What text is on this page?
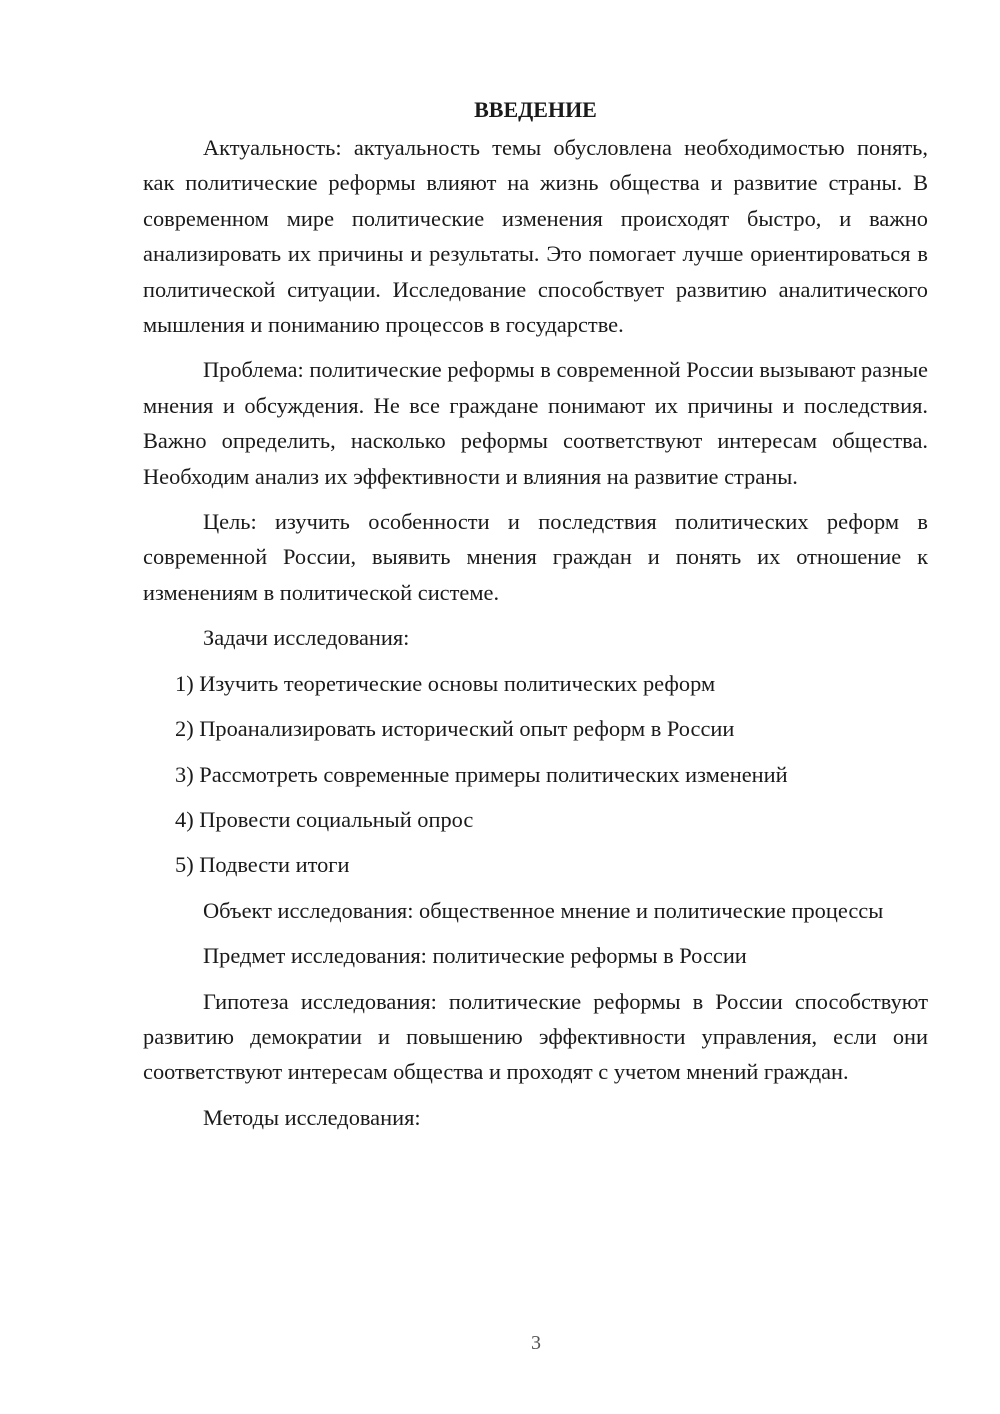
ВВЕДЕНИЕ

Актуальность: актуальность темы обусловлена необходимостью понять, как политические реформы влияют на жизнь общества и развитие страны. В современном мире политические изменения происходят быстро, и важно анализировать их причины и результаты. Это помогает лучше ориентироваться в политической ситуации. Исследование способствует развитию аналитического мышления и пониманию процессов в государстве.

Проблема: политические реформы в современной России вызывают разные мнения и обсуждения. Не все граждане понимают их причины и последствия. Важно определить, насколько реформы соответствуют интересам общества. Необходим анализ их эффективности и влияния на развитие страны.

Цель: изучить особенности и последствия политических реформ в современной России, выявить мнения граждан и понять их отношение к изменениям в политической системе.

Задачи исследования:
1) Изучить теоретические основы политических реформ
2) Проанализировать исторический опыт реформ в России
3) Рассмотреть современные примеры политических изменений
4) Провести социальный опрос
5) Подвести итоги

Объект исследования: общественное мнение и политические процессы

Предмет исследования: политические реформы в России

Гипотеза исследования: политические реформы в России способствуют развитию демократии и повышению эффективности управления, если они соответствуют интересам общества и проходят с учетом мнений граждан.

Методы исследования:
3
